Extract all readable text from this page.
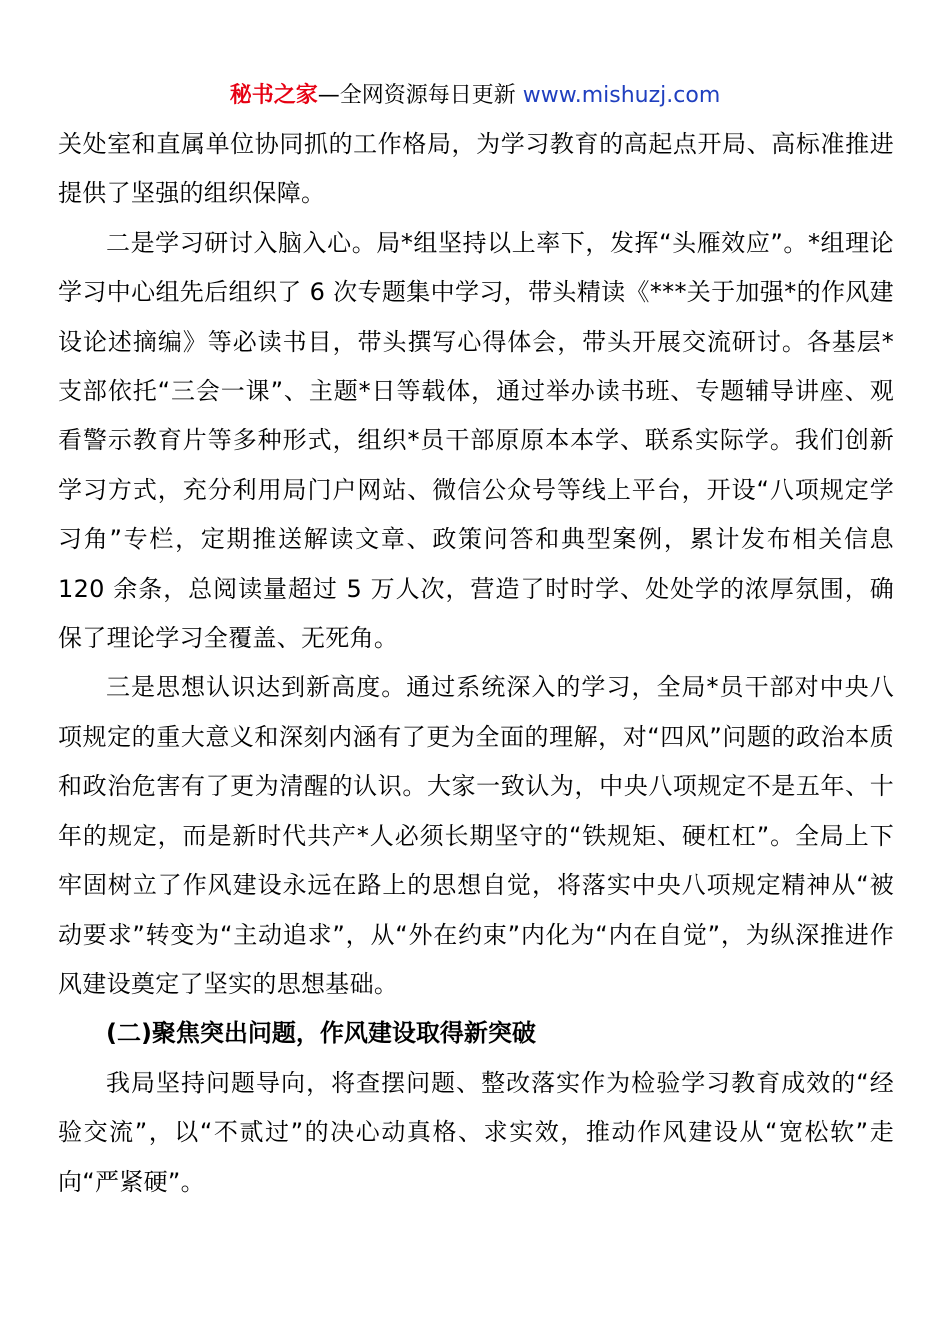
秘书之家—全网资源每日更新 www.mishuzj.com

关处室和直属单位协同抓的工作格局，为学习教育的高起点开局、高标准推进提供了坚强的组织保障。

二是学习研讨入脑入心。局*组坚持以上率下，发挥“头雁效应”。*组理论学习中心组先后组织了 6 次专题集中学习，带头精读《***关于加强*的作风建设论述摘编》等必读书目，带头撰写心得体会，带头开展交流研讨。各基层*支部依托“三会一课”、主题*日等载体，通过举办读书班、专题辅导讲座、观看警示教育片等多种形式，组织*员干部原原本本学、联系实际学。我们创新学习方式，充分利用局门户网站、微信公众号等线上平台，开设“八项规定学习角”专栏，定期推送解读文章、政策问答和典型案例，累计发布相关信息 120 余条，总阅读量超过 5 万人次，营造了时时学、处处学的浓厚氛围，确保了理论学习全覆盖、无死角。

三是思想认识达到新高度。通过系统深入的学习，全局*员干部对中央八项规定的重大意义和深刻内涵有了更为全面的理解，对“四风”问题的政治本质和政治危害有了更为清醒的认识。大家一致认为，中央八项规定不是五年、十年的规定，而是新时代共产*人必须长期坚守的“铁规矩、硬杠杠”。全局上下牢固树立了作风建设永远在路上的思想自觉，将落实中央八项规定精神从“被动要求”转变为“主动追求”，从“外在约束”内化为“内在自觉”，为纵深推进作风建设奠定了坚实的思想基础。

(二)聚焦突出问题，作风建设取得新突破

我局坚持问题导向，将查摆问题、整改落实作为检验学习教育成效的“经验交流”，以“不贰过”的决心动真格、求实效，推动作风建设从“宽松软”走向“严紧硬”。
